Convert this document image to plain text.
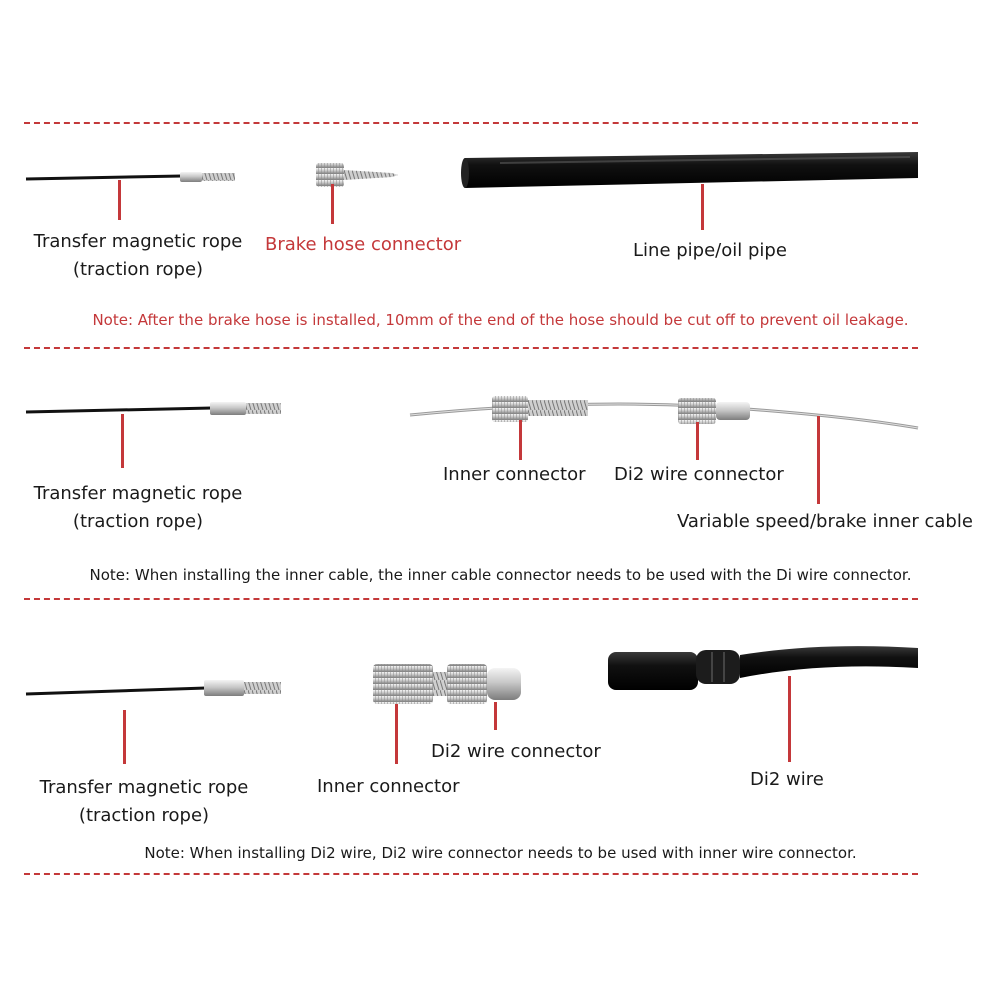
Transfer magnetic rope
(traction rope)
Brake hose connector	Line pipe/oil pipe
Note: After the brake hose is installed, 10mm of the end of the hose should be cut off to prevent oil leakage.
Transfer magnetic rope
(traction rope)
Inner connector Di2 wire connector
Variable speed/brake inner cable
Note: When installing the inner cable, the inner cable connector needs to be used with the Di wire connector.
Transfer magnetic rope
(traction rope)
Di2 wire connector
Inner connector	Di2 wire
Note: When installing Di2 wire, Di2 wire connector needs to be used with inner wire connector.
